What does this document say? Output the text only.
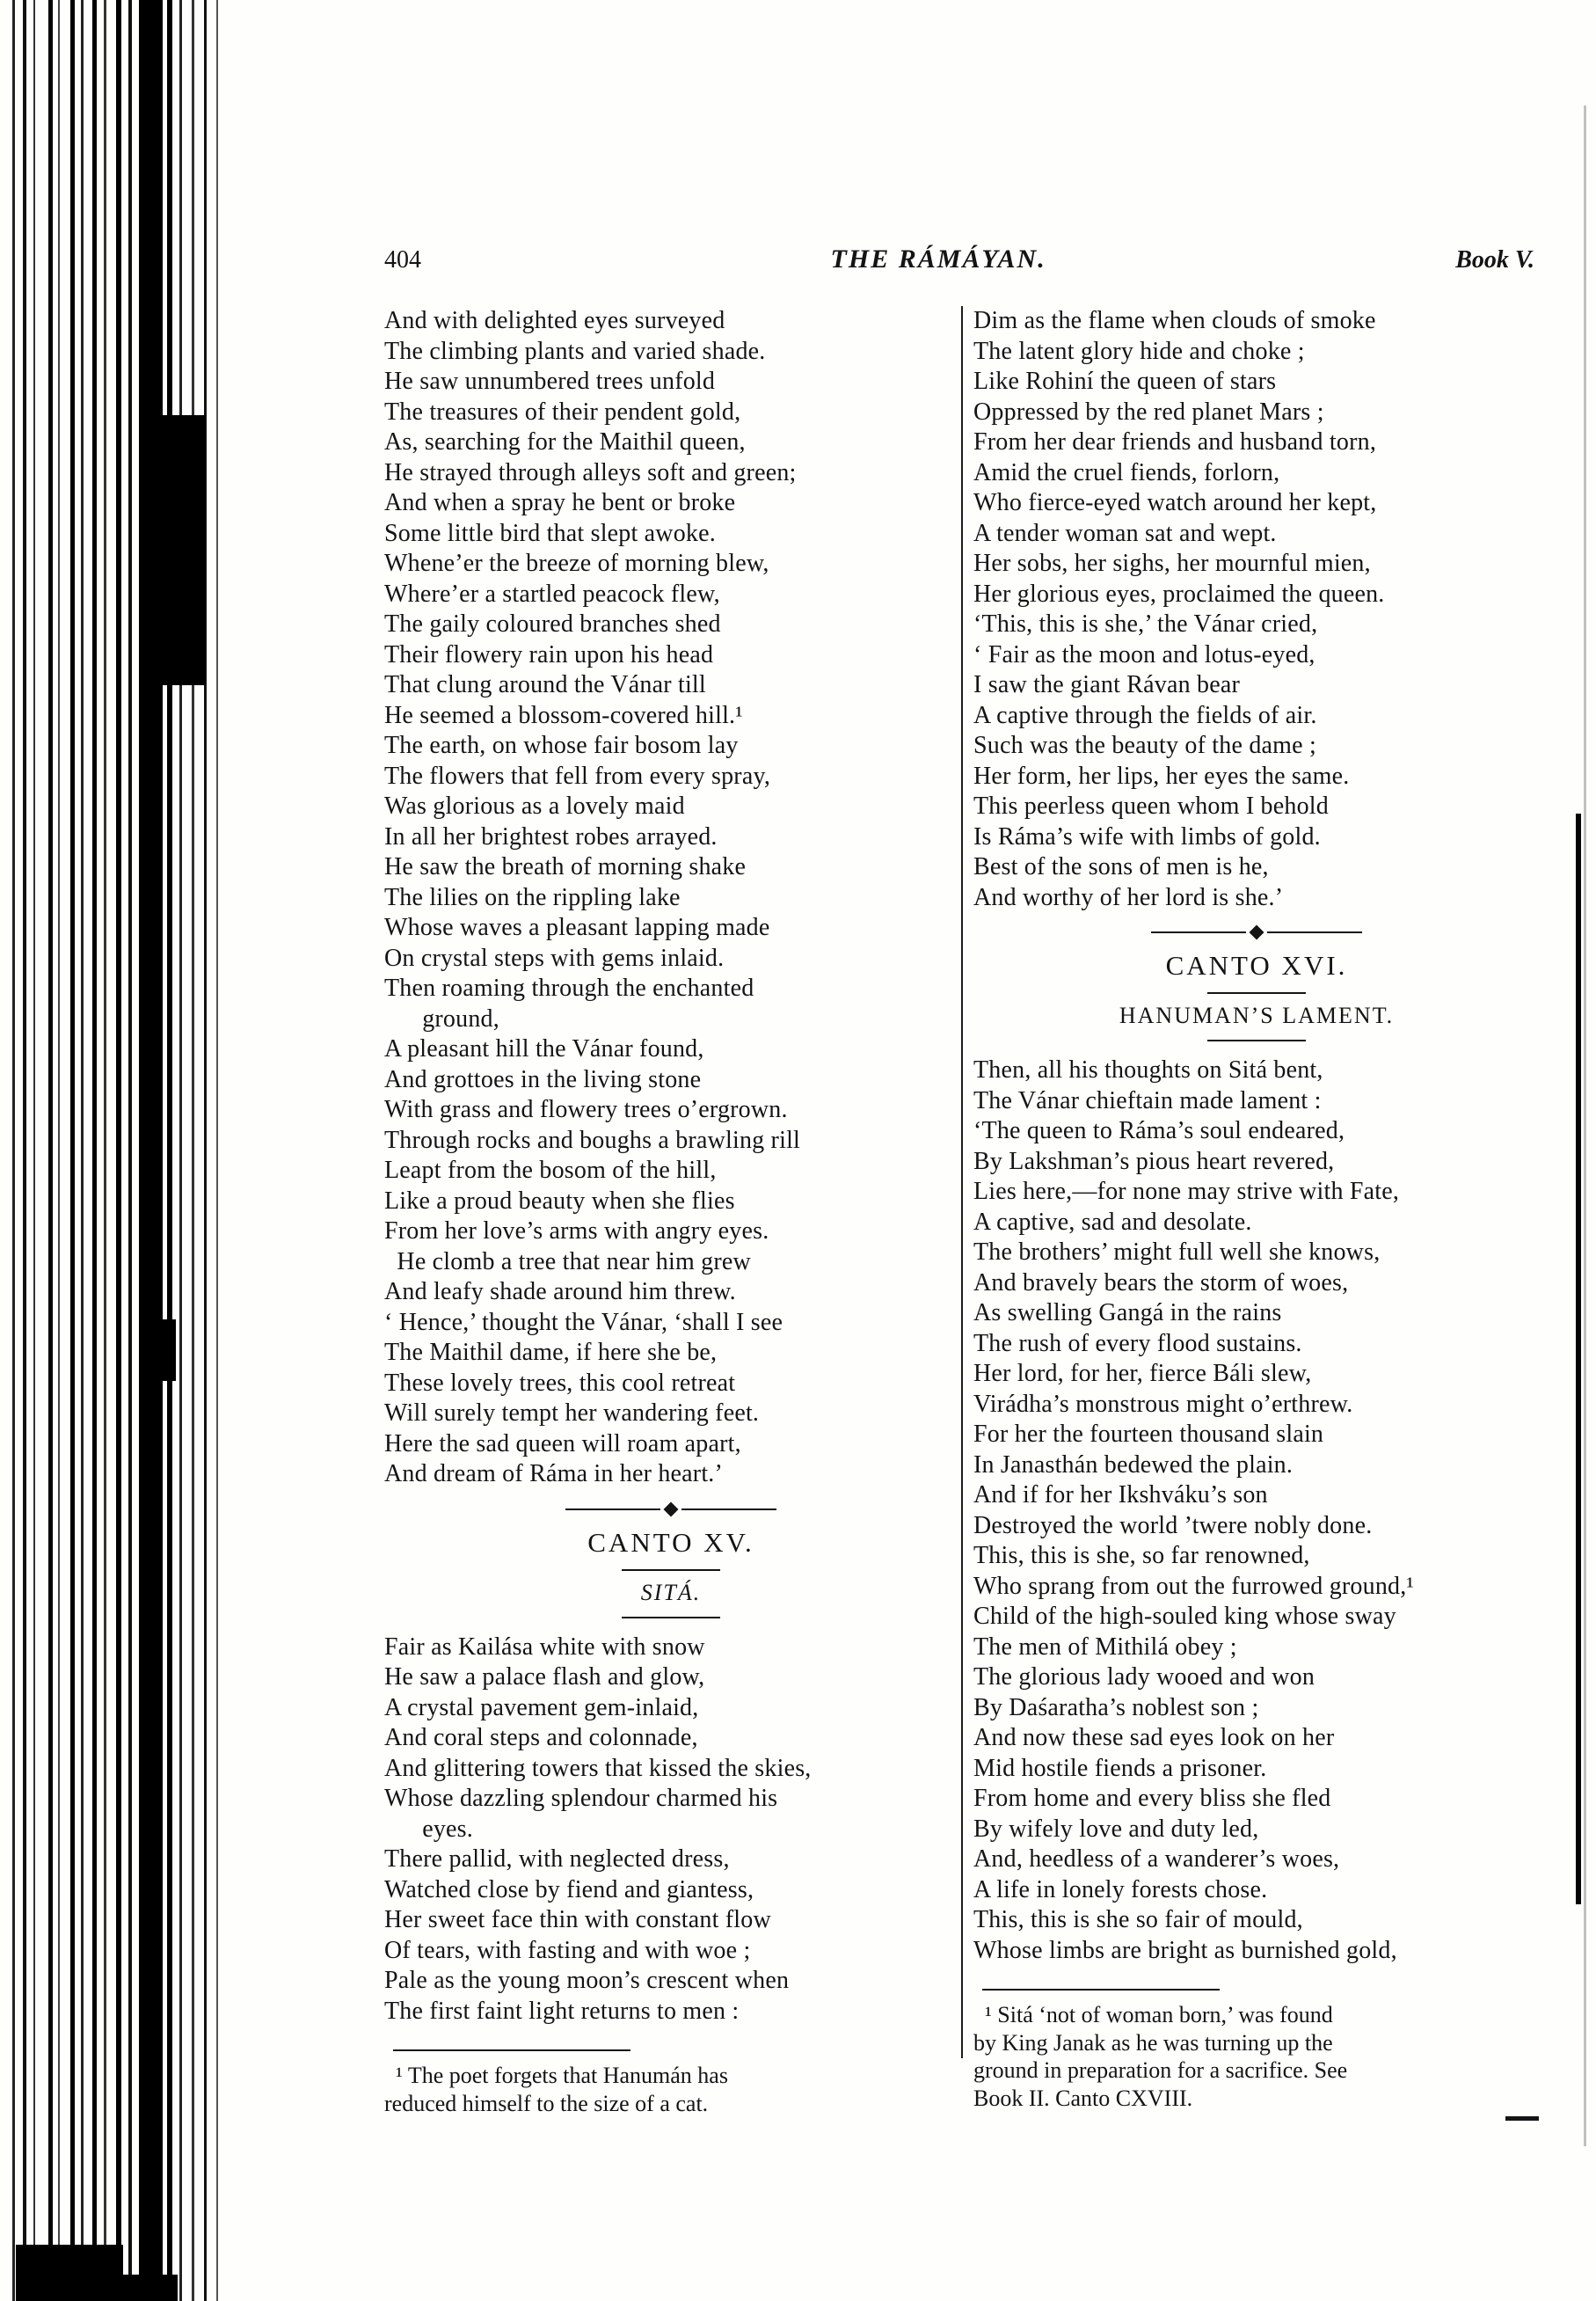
404	THE RÁMÁYAN.	Book V.
And with delighted eyes surveyed
The climbing plants and varied shade.
He saw unnumbered trees unfold
The treasures of their pendent gold,
As, searching for the Maithil queen,
He strayed through alleys soft and green;
And when a spray he bent or broke
Some little bird that slept awoke.
Whene’er the breeze of morning blew,
Where’er a startled peacock flew,
The gaily coloured branches shed
Their flowery rain upon his head
That clung around the Vánar till
He seemed a blossom-covered hill.¹
The earth, on whose fair bosom lay
The flowers that fell from every spray,
Was glorious as a lovely maid
In all her brightest robes arrayed.
He saw the breath of morning shake
The lilies on the rippling lake
Whose waves a pleasant lapping made
On crystal steps with gems inlaid.
Then roaming through the enchanted
ground,
A pleasant hill the Vánar found,
And grottoes in the living stone
With grass and flowery trees o’ergrown.
Through rocks and boughs a brawling rill
Leapt from the bosom of the hill,
Like a proud beauty when she flies
From her love’s arms with angry eyes.
He clomb a tree that near him grew
And leafy shade around him threw.
‘ Hence,’ thought the Vánar, ‘shall I see
The Maithil dame, if here she be,
These lovely trees, this cool retreat
Will surely tempt her wandering feet.
Here the sad queen will roam apart,
And dream of Ráma in her heart.’
CANTO XV.
SITÁ.
Fair as Kailása white with snow
He saw a palace flash and glow,
A crystal pavement gem-inlaid,
And coral steps and colonnade,
And glittering towers that kissed the skies,
Whose dazzling splendour charmed his
eyes.
There pallid, with neglected dress,
Watched close by fiend and giantess,
Her sweet face thin with constant flow
Of tears, with fasting and with woe ;
Pale as the young moon’s crescent when
The first faint light returns to men :
¹ The poet forgets that Hanumán has
reduced himself to the size of a cat.
Dim as the flame when clouds of smoke
The latent glory hide and choke ;
Like Rohiní the queen of stars
Oppressed by the red planet Mars ;
From her dear friends and husband torn,
Amid the cruel fiends, forlorn,
Who fierce-eyed watch around her kept,
A tender woman sat and wept.
Her sobs, her sighs, her mournful mien,
Her glorious eyes, proclaimed the queen.
‘This, this is she,’ the Vánar cried,
‘ Fair as the moon and lotus-eyed,
I saw the giant Rávan bear
A captive through the fields of air.
Such was the beauty of the dame ;
Her form, her lips, her eyes the same.
This peerless queen whom I behold
Is Ráma’s wife with limbs of gold.
Best of the sons of men is he,
And worthy of her lord is she.’
CANTO XVI.
HANUMAN’S LAMENT.
Then, all his thoughts on Sitá bent,
The Vánar chieftain made lament :
‘The queen to Ráma’s soul endeared,
By Lakshman’s pious heart revered,
Lies here,—for none may strive with Fate,
A captive, sad and desolate.
The brothers’ might full well she knows,
And bravely bears the storm of woes,
As swelling Gangá in the rains
The rush of every flood sustains.
Her lord, for her, fierce Báli slew,
Virádha’s monstrous might o’erthrew.
For her the fourteen thousand slain
In Janasthán bedewed the plain.
And if for her Ikshváku’s son
Destroyed the world ’twere nobly done.
This, this is she, so far renowned,
Who sprang from out the furrowed ground,¹
Child of the high-souled king whose sway
The men of Mithilá obey ;
The glorious lady wooed and won
By Daśaratha’s noblest son ;
And now these sad eyes look on her
Mid hostile fiends a prisoner.
From home and every bliss she fled
By wifely love and duty led,
And, heedless of a wanderer’s woes,
A life in lonely forests chose.
This, this is she so fair of mould,
Whose limbs are bright as burnished gold,
¹ Sitá ‘not of woman born,’ was found
by King Janak as he was turning up the
ground in preparation for a sacrifice. See
Book II. Canto CXVIII.
